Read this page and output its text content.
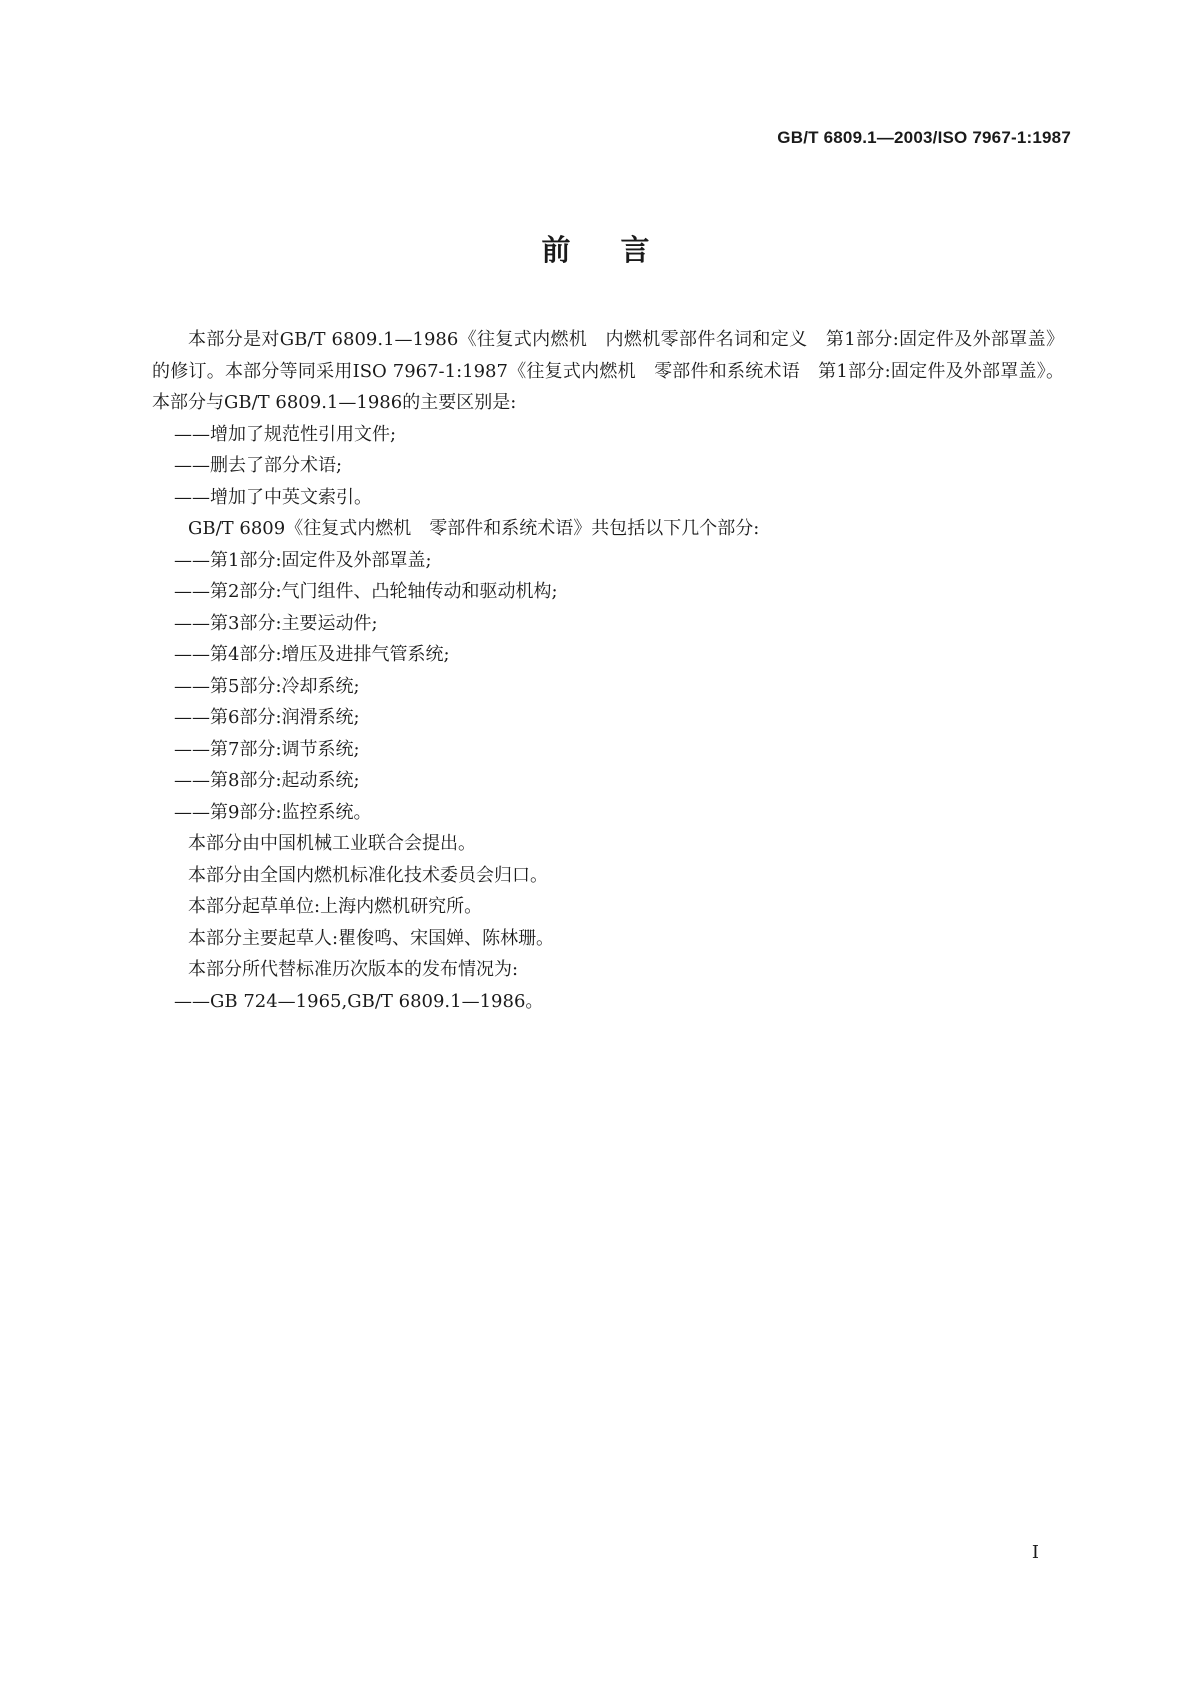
GB/T 6809.1—2003/ISO 7967-1:1987
前言

本部分是对GB/T 6809.1—1986《往复式内燃机　内燃机零部件名词和定义　第1部分:固定件及外部罩盖》的修订。本部分等同采用ISO 7967-1:1987《往复式内燃机　零部件和系统术语　第1部分:固定件及外部罩盖》。本部分与GB/T 6809.1—1986的主要区别是:

——增加了规范性引用文件;

——删去了部分术语;

——增加了中英文索引。

GB/T 6809《往复式内燃机　零部件和系统术语》共包括以下几个部分:

——第1部分:固定件及外部罩盖;

——第2部分:气门组件、凸轮轴传动和驱动机构;

——第3部分:主要运动件;

——第4部分:增压及进排气管系统;

——第5部分:冷却系统;

——第6部分:润滑系统;

——第7部分:调节系统;

——第8部分:起动系统;

——第9部分:监控系统。

本部分由中国机械工业联合会提出。

本部分由全国内燃机标准化技术委员会归口。

本部分起草单位:上海内燃机研究所。

本部分主要起草人:瞿俊鸣、宋国婵、陈林珊。

本部分所代替标准历次版本的发布情况为:

——GB 724—1965,GB/T 6809.1—1986。

I
